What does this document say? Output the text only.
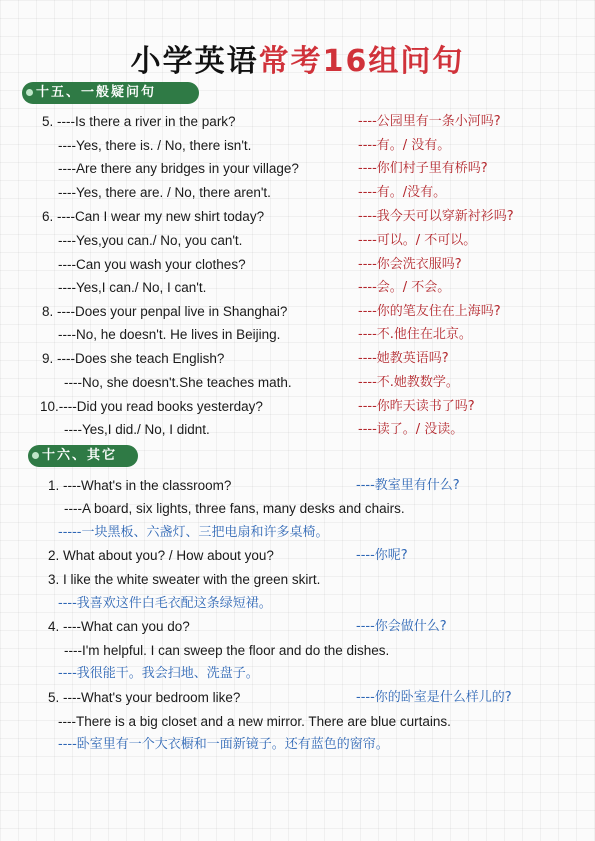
小学英语常考16组问句
十五、一般疑问句
5. ----Is there a river in the park?	----公园里有一条小河吗?
----Yes, there is. / No, there isn't.	----有。/ 没有。
----Are there any bridges in your village?	----你们村子里有桥吗?
----Yes, there are. / No, there aren't.	----有。/没有。
6. ----Can I wear my new shirt today?	----我今天可以穿新衬衫吗?
----Yes,you can./ No, you can't.	----可以。/ 不可以。
----Can you wash your clothes?	----你会洗衣服吗?
----Yes,I can./ No, I can't.	----会。/ 不会。
8. ----Does your penpal live in Shanghai?	----你的笔友住在上海吗?
----No, he doesn't. He lives in Beijing.	----不.他住在北京。
9. ----Does she teach English?	----她教英语吗?
----No, she doesn't.She teaches math.	----不.她教数学。
10.----Did you read books yesterday?	----你昨天读书了吗?
----Yes,I did./ No, I didnt.	----读了。/ 没读。
十六、其它
1. ----What's in the classroom?	----教室里有什么?
----A board, six lights, three fans, many desks and chairs.
-----一块黑板、六盏灯、三把电扇和许多桌椅。
2. What about you? / How about you?	----你呢?
3. I like the white sweater with the green skirt.
----我喜欢这件白毛衣配这条绿短裙。
4. ----What can you do?	----你会做什么?
----I'm helpful. I can sweep the floor and do the dishes.
----我很能干。我会扫地、洗盘子。
5. ----What's your bedroom like?	----你的卧室是什么样儿的?
----There is a big closet and a new mirror. There are blue curtains.
----卧室里有一个大衣橱和一面新镜子。还有蓝色的窗帘。
